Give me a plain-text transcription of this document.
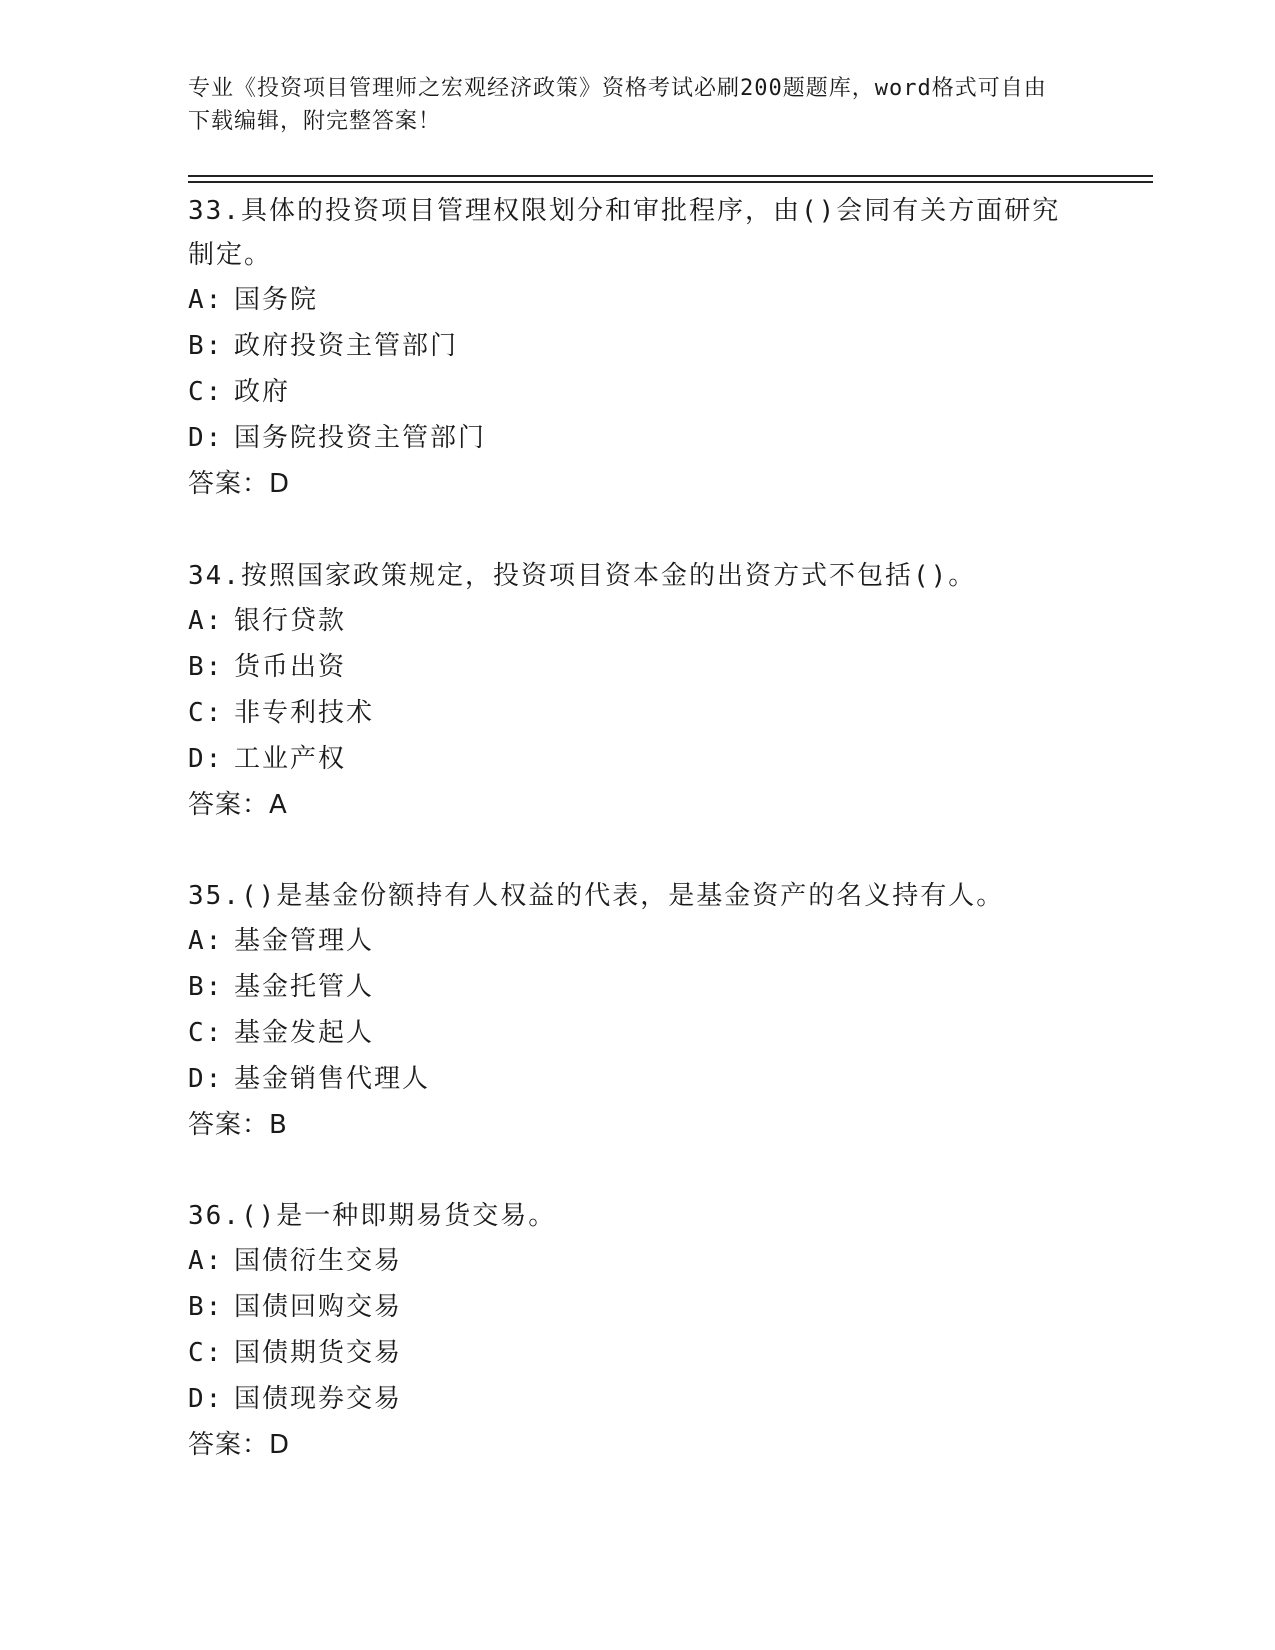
专业《投资项目管理师之宏观经济政策》资格考试必刷200题题库，word格式可自由下载编辑，附完整答案！

33.具体的投资项目管理权限划分和审批程序，由()会同有关方面研究制定。

A: 国务院

B: 政府投资主管部门

C: 政府

D: 国务院投资主管部门

答案：D

34.按照国家政策规定，投资项目资本金的出资方式不包括()。

A: 银行贷款

B: 货币出资

C: 非专利技术

D: 工业产权

答案：A

35.()是基金份额持有人权益的代表，是基金资产的名义持有人。

A: 基金管理人

B: 基金托管人

C: 基金发起人

D: 基金销售代理人

答案：B

36.()是一种即期易货交易。

A: 国债衍生交易

B: 国债回购交易

C: 国债期货交易

D: 国债现券交易

答案：D
